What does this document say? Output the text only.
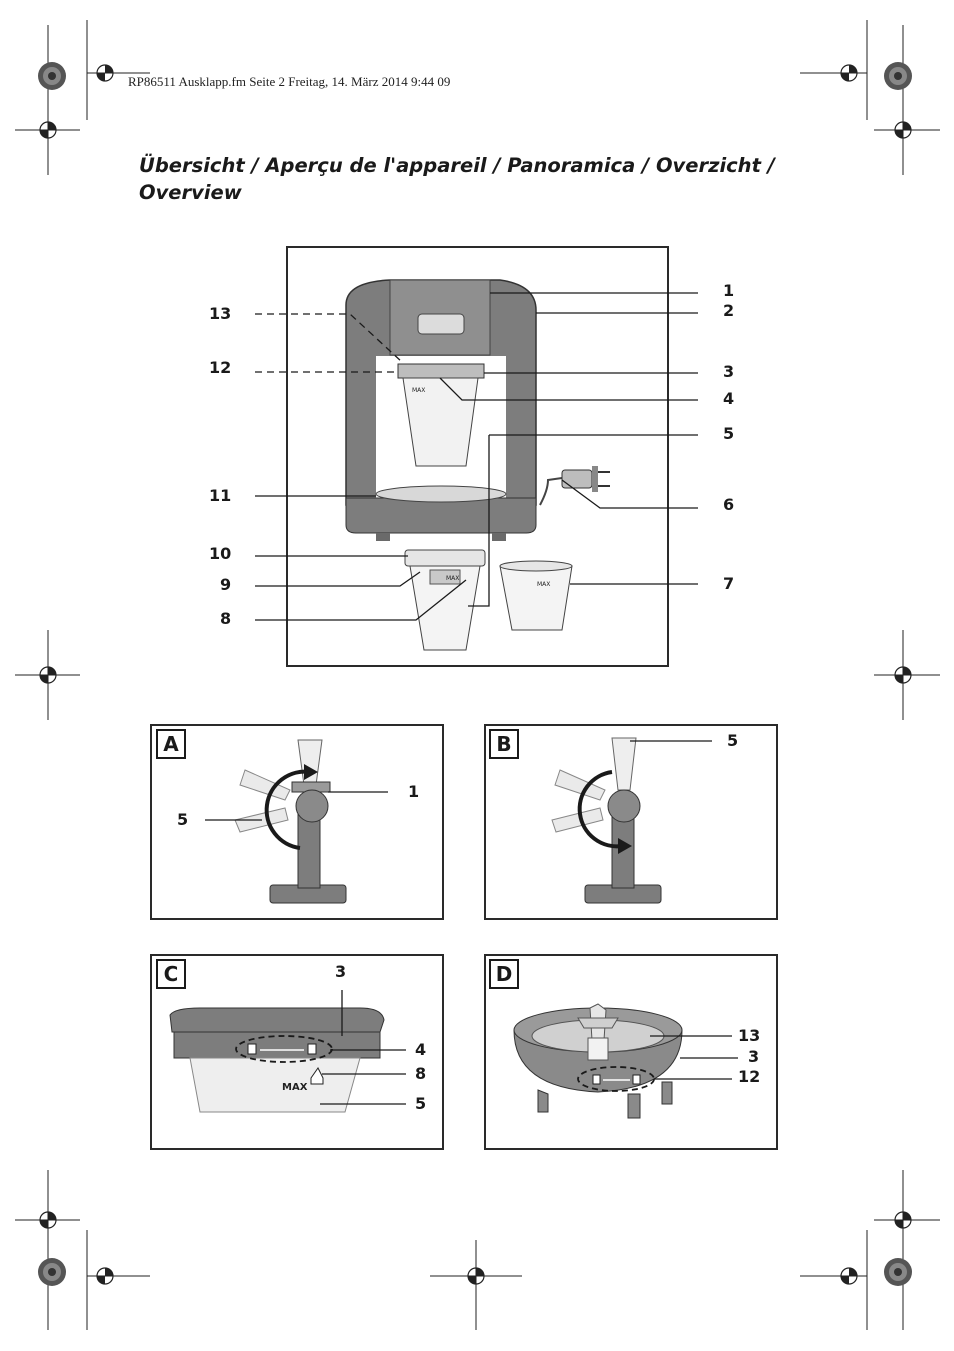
RP86511 Ausklapp.fm Seite 2 Freitag, 14. März 2014 9:44 09
Übersicht / Aperçu de l'appareil / Panoramica / Overzicht / Overview
MAX
MAX
MAX
13
12
11
10
9
8
1
2
3
4
5
6
7
A
1
5
B	5
C
MAX
3
4
8
5
D
13
3
12
